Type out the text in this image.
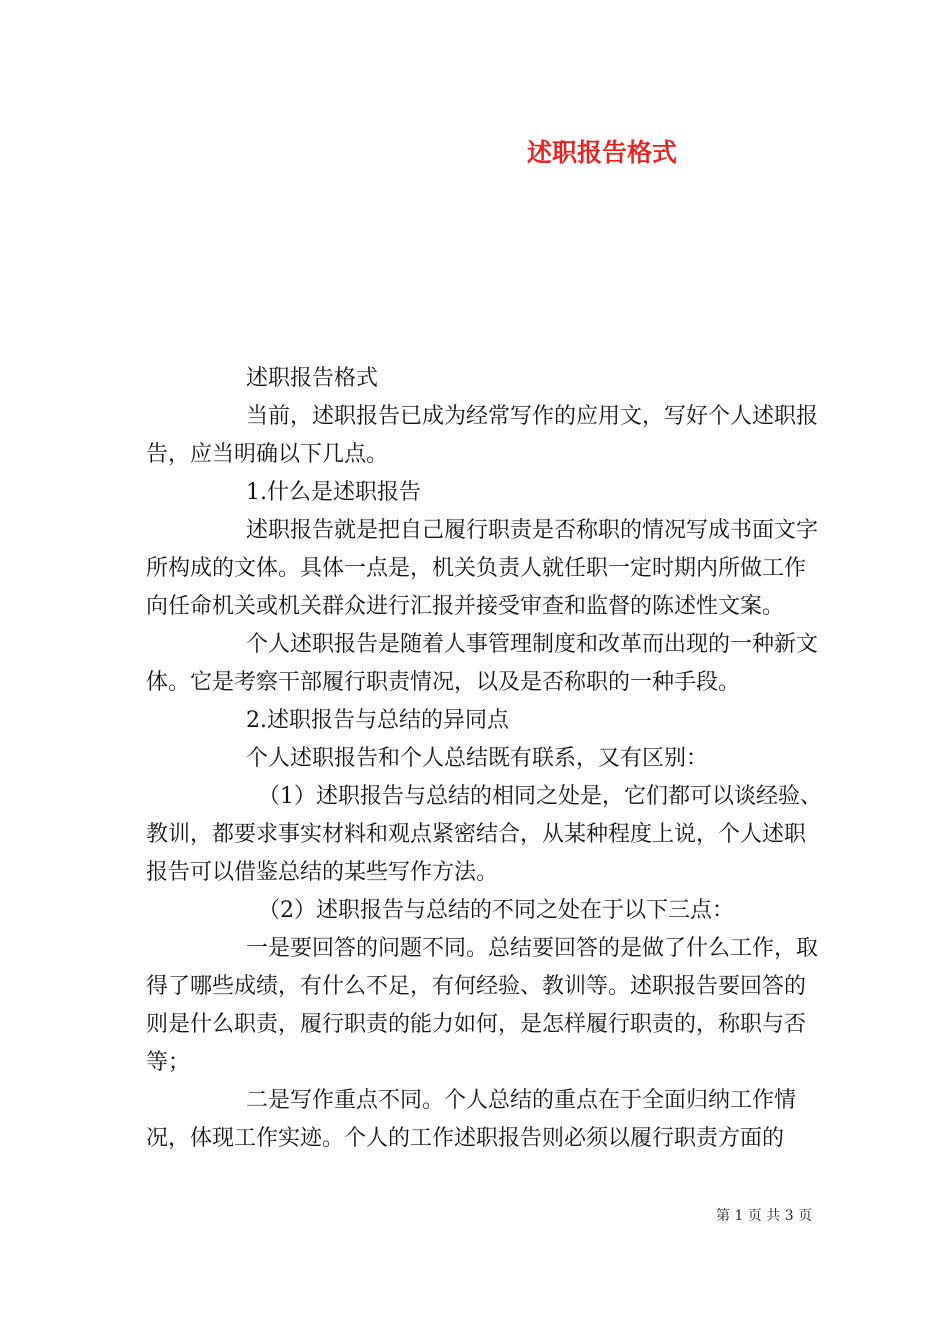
述职报告格式

述职报告格式

当前，述职报告已成为经常写作的应用文，写好个人述职报告，应当明确以下几点。

1.什么是述职报告

述职报告就是把自己履行职责是否称职的情况写成书面文字所构成的文体。具体一点是，机关负责人就任职一定时期内所做工作向任命机关或机关群众进行汇报并接受审查和监督的陈述性文案。

个人述职报告是随着人事管理制度和改革而出现的一种新文体。它是考察干部履行职责情况，以及是否称职的一种手段。

2.述职报告与总结的异同点

个人述职报告和个人总结既有联系，又有区别：

（1）述职报告与总结的相同之处是，它们都可以谈经验、教训，都要求事实材料和观点紧密结合，从某种程度上说，个人述职报告可以借鉴总结的某些写作方法。

（2）述职报告与总结的不同之处在于以下三点：

一是要回答的问题不同。总结要回答的是做了什么工作，取得了哪些成绩，有什么不足，有何经验、教训等。述职报告要回答的则是什么职责，履行职责的能力如何，是怎样履行职责的，称职与否等；

二是写作重点不同。个人总结的重点在于全面归纳工作情况，体现工作实迹。个人的工作述职报告则必须以履行职责方面的

第 1 页 共 3 页
